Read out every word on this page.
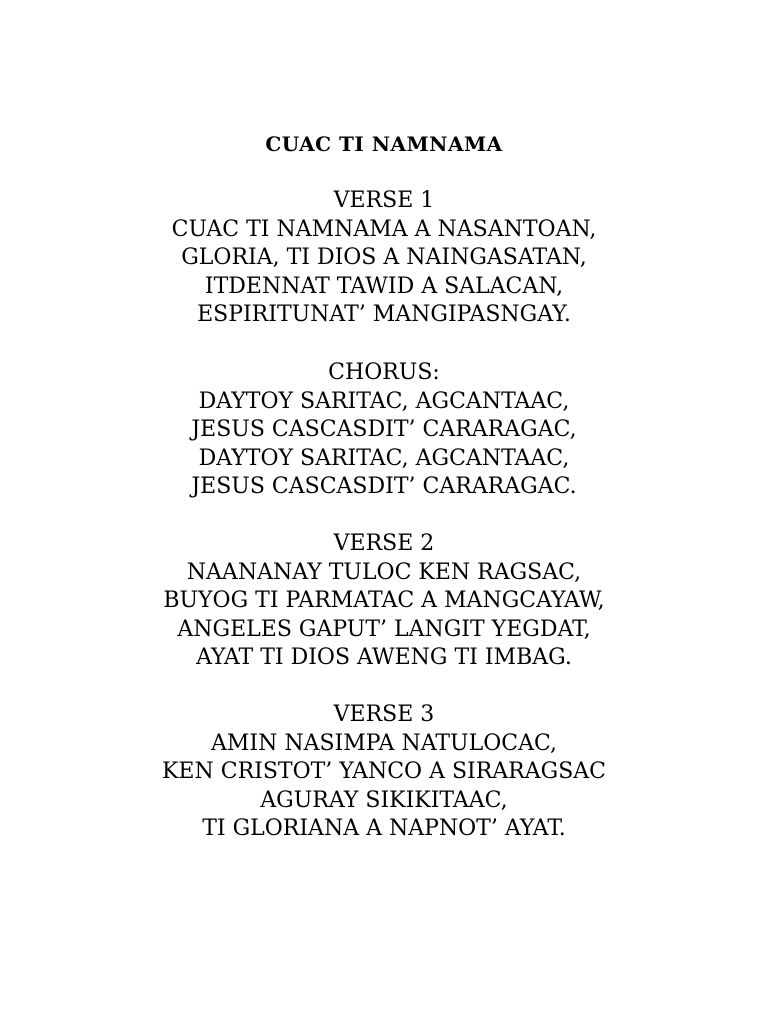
CUAC TI NAMNAMA
VERSE 1
CUAC TI NAMNAMA A NASANTOAN,
GLORIA, TI DIOS A NAINGASATAN,
ITDENNAT TAWID A SALACAN,
ESPIRITUNAT’ MANGIPASNGAY.
CHORUS:
DAYTOY SARITAC, AGCANTAAC,
JESUS CASCASDIT’ CARARAGAC,
DAYTOY SARITAC, AGCANTAAC,
JESUS CASCASDIT’ CARARAGAC.
VERSE 2
NAANANAY TULOC KEN RAGSAC,
BUYOG TI PARMATAC A MANGCAYAW,
ANGELES GAPUT’ LANGIT YEGDAT,
AYAT TI DIOS AWENG TI IMBAG.
VERSE 3
AMIN NASIMPA NATULOCAC,
KEN CRISTOT’ YANCO A SIRARAGSAC
AGURAY SIKIKITAAC,
TI GLORIANA A NAPNOT’ AYAT.
